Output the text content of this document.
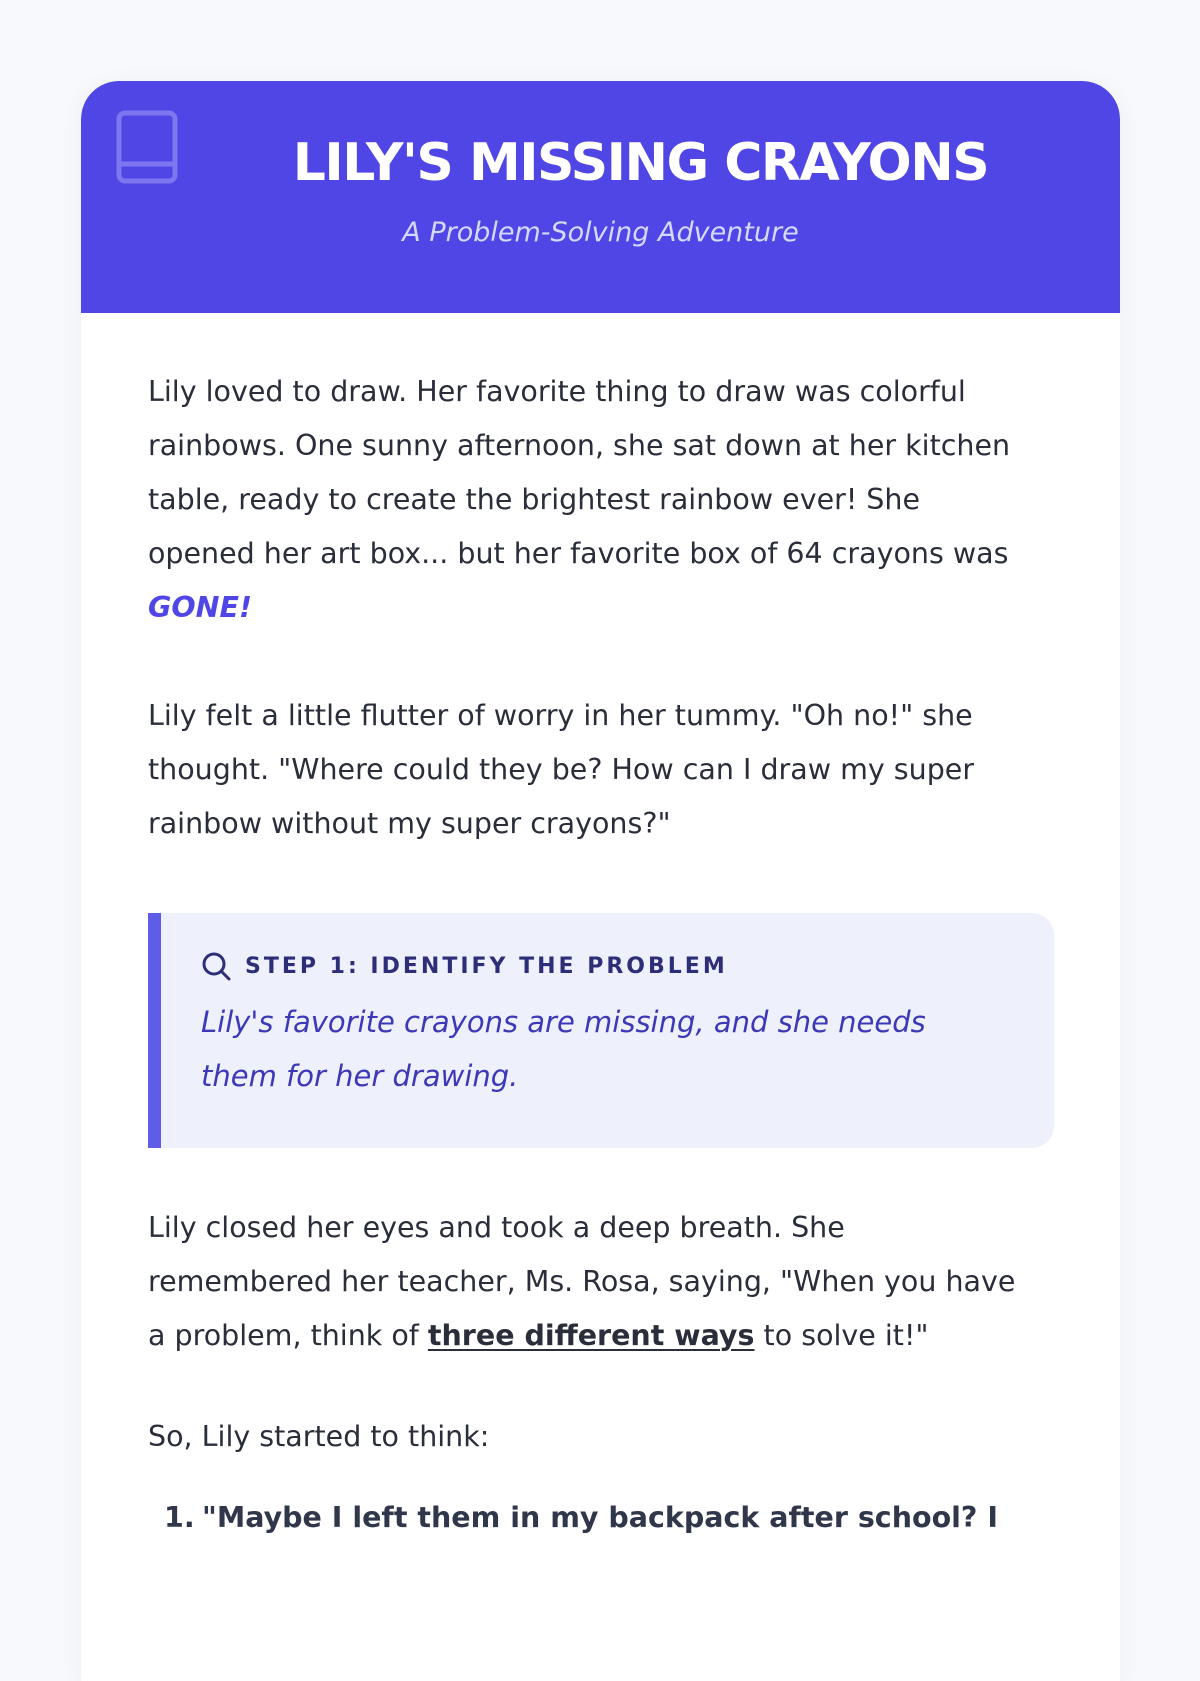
LILY'S MISSING CRAYONS
A Problem-Solving Adventure

Lily loved to draw. Her favorite thing to draw was colorful
rainbows. One sunny afternoon, she sat down at her kitchen
table, ready to create the brightest rainbow ever! She
opened her art box... but her favorite box of 64 crayons was
GONE!

Lily felt a little flutter of worry in her tummy. "Oh no!" she
thought. "Where could they be? How can I draw my super
rainbow without my super crayons?"

STEP 1: IDENTIFY THE PROBLEM

Lily's favorite crayons are missing, and she needs
them for her drawing.

Lily closed her eyes and took a deep breath. She
remembered her teacher, Ms. Rosa, saying, "When you have
a problem, think of three different ways to solve it!"

So, Lily started to think:

1. "Maybe I left them in my backpack after school? I
